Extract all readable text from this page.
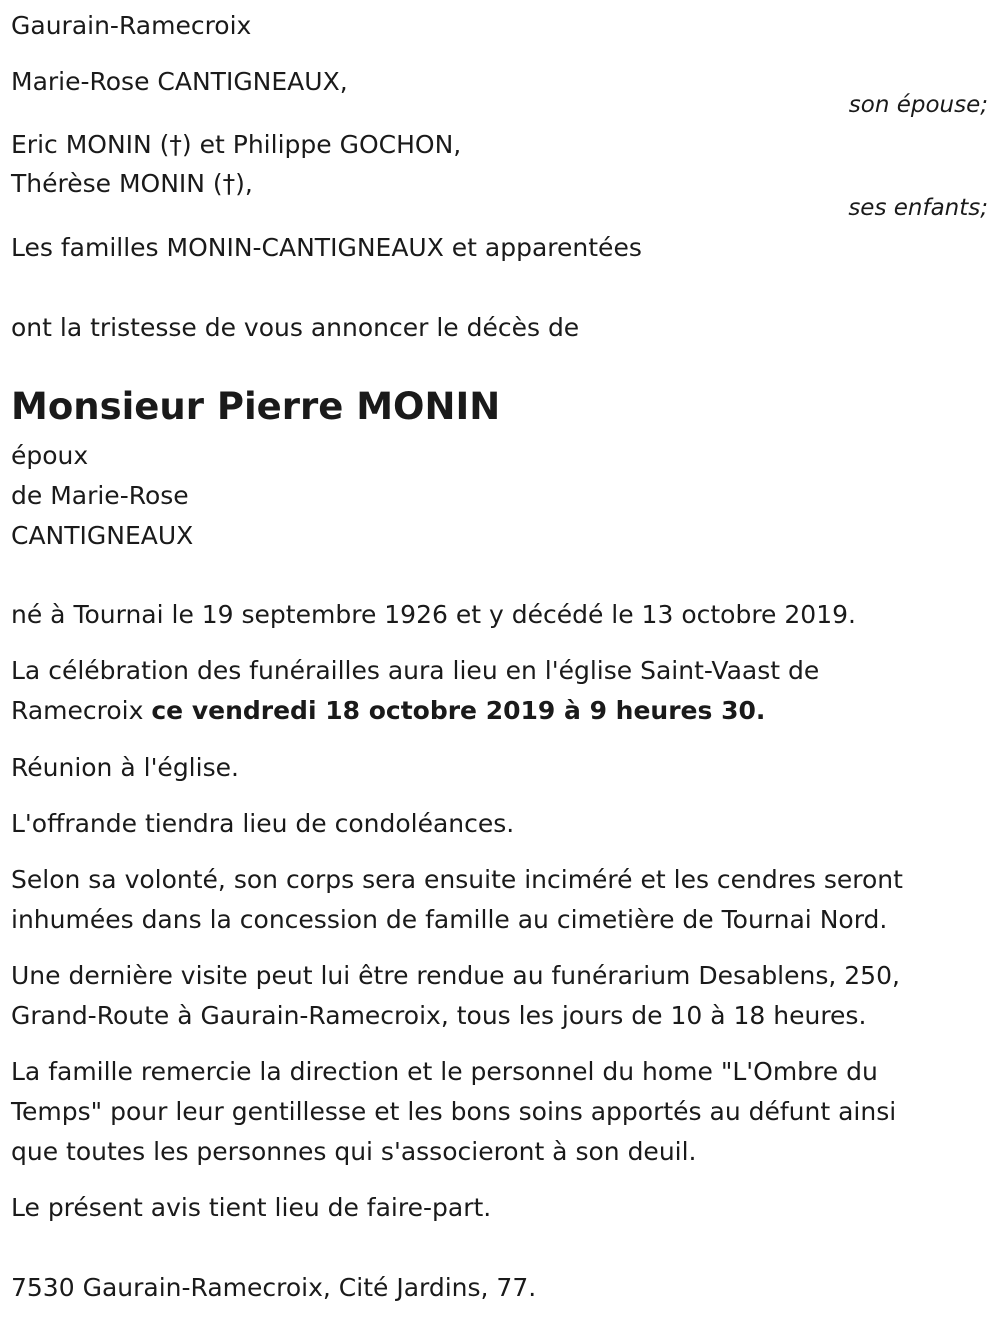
Gaurain-Ramecroix
Marie-Rose CANTIGNEAUX,
son épouse;
Eric MONIN (†) et Philippe GOCHON,
Thérèse MONIN (†),
ses enfants;
Les familles MONIN-CANTIGNEAUX et apparentées
ont la tristesse de vous annoncer le décès de
Monsieur Pierre MONIN
époux
de Marie-Rose
CANTIGNEAUX
né à Tournai le 19 septembre 1926 et y décédé le 13 octobre 2019.
La célébration des funérailles aura lieu en l'église Saint-Vaast de
Ramecroix ce vendredi 18 octobre 2019 à 9 heures 30.
Réunion à l'église.
L'offrande tiendra lieu de condoléances.
Selon sa volonté, son corps sera ensuite inciméré et les cendres seront
inhumées dans la concession de famille au cimetière de Tournai Nord.
Une dernière visite peut lui être rendue au funérarium Desablens, 250,
Grand-Route à Gaurain-Ramecroix, tous les jours de 10 à 18 heures.
La famille remercie la direction et le personnel du home "L'Ombre du
Temps" pour leur gentillesse et les bons soins apportés au défunt ainsi
que toutes les personnes qui s'associeront à son deuil.
Le présent avis tient lieu de faire-part.
7530 Gaurain-Ramecroix, Cité Jardins, 77.
